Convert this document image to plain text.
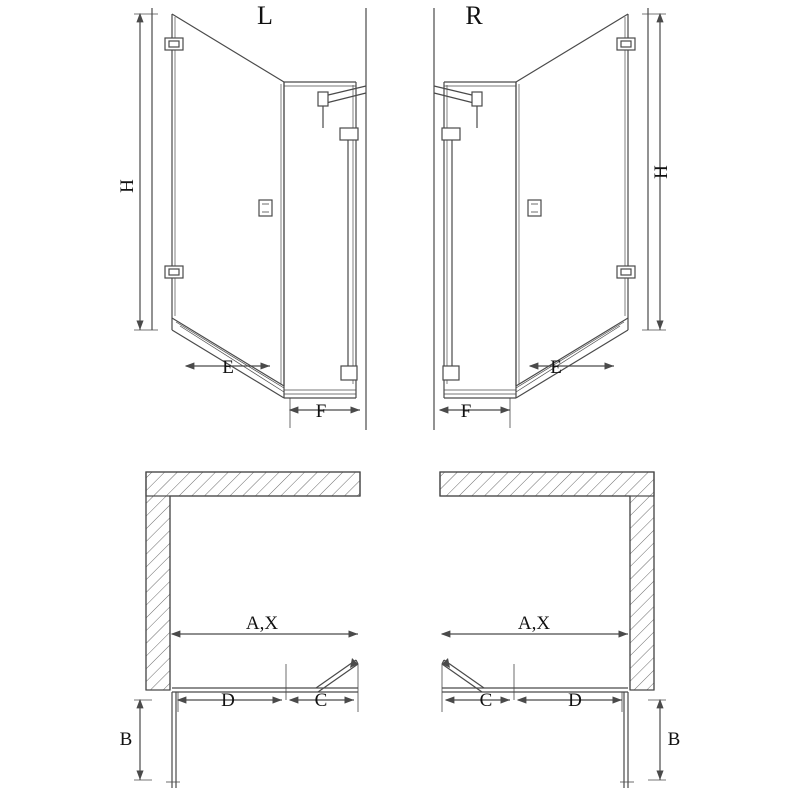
L	R
H
H
E
F
E
F
A,X	A,X
D	C
B
D
C
B
